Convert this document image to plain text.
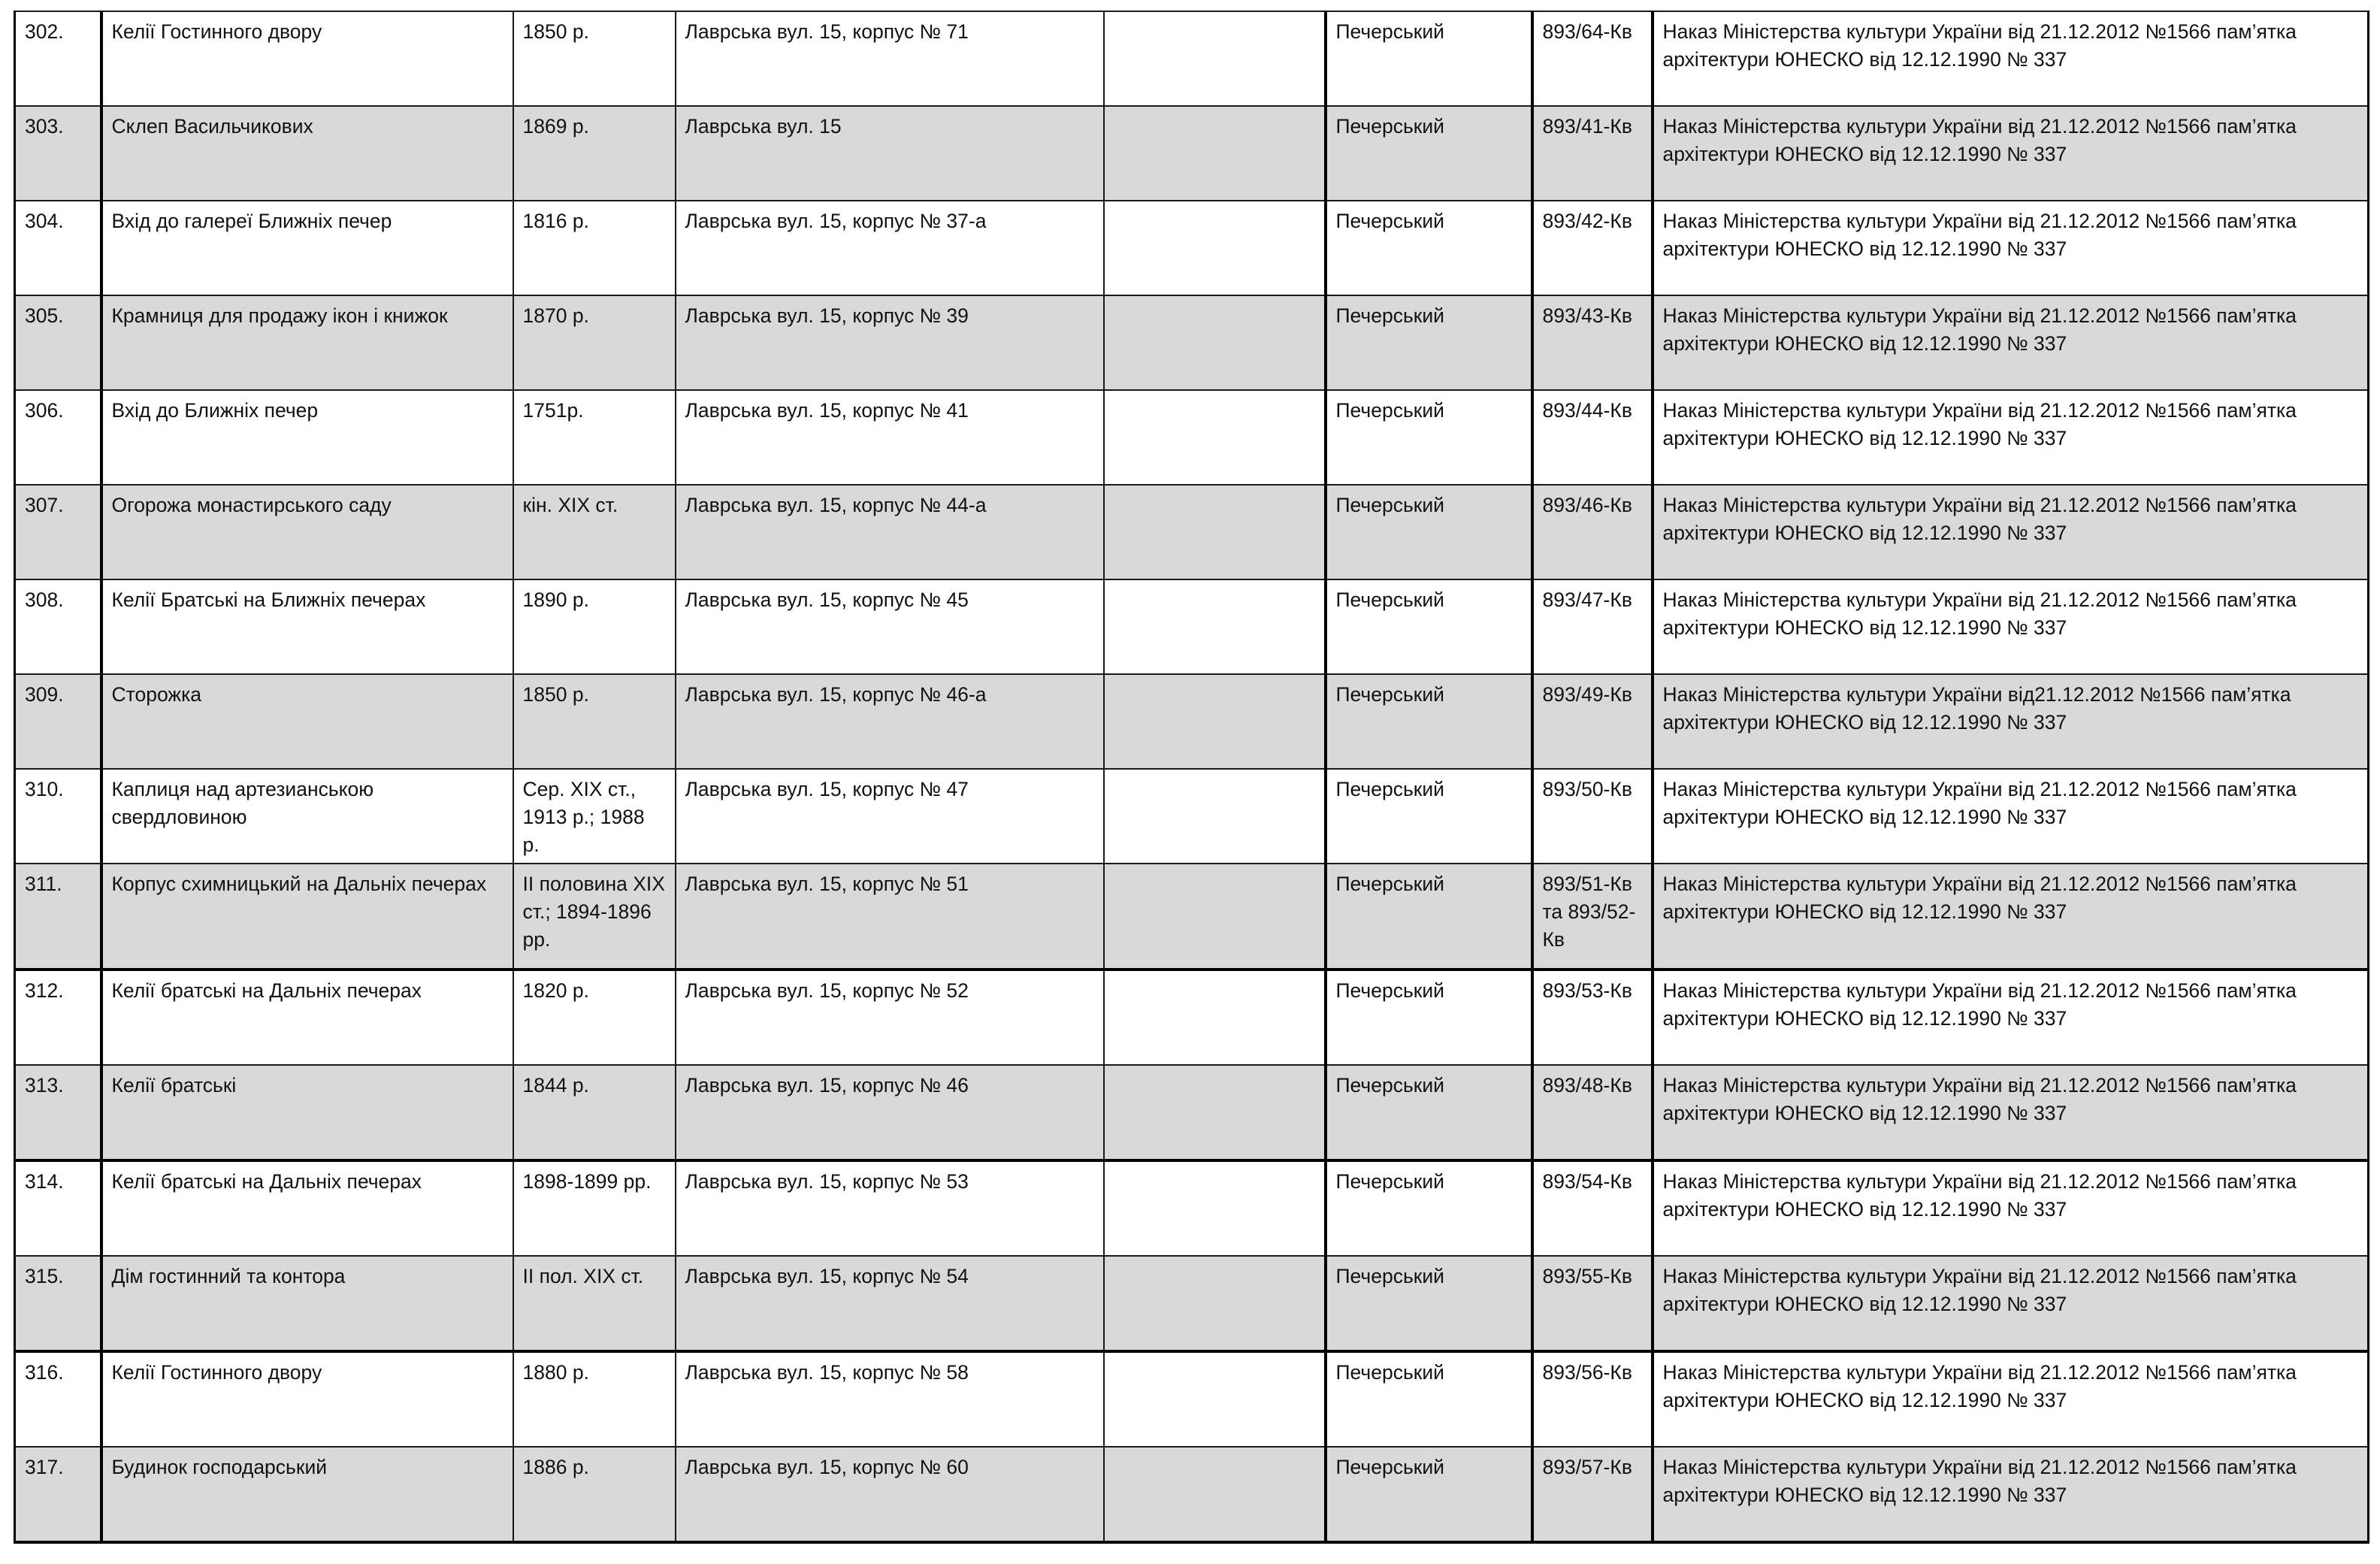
302.	Келії Гостинного двору	1850 р.	Лаврська вул. 15, корпус № 71		Печерський	893/64-Кв	Наказ Міністерства культури України від 21.12.2012 №1566 пам’ятка архітектури ЮНЕСКО від 12.12.1990 № 337
303.	Склеп Васильчикових	1869 р.	Лаврська вул. 15		Печерський	893/41-Кв	Наказ Міністерства культури України від 21.12.2012 №1566 пам’ятка архітектури ЮНЕСКО від 12.12.1990 № 337
304.	Вхід до галереї Ближніх печер	1816 р.	Лаврська вул. 15, корпус № 37-а		Печерський	893/42-Кв	Наказ Міністерства культури України від 21.12.2012 №1566 пам’ятка архітектури ЮНЕСКО від 12.12.1990 № 337
305.	Крамниця для продажу ікон і книжок	1870 р.	Лаврська вул. 15, корпус № 39		Печерський	893/43-Кв	Наказ Міністерства культури України від 21.12.2012 №1566 пам’ятка архітектури ЮНЕСКО від 12.12.1990 № 337
306.	Вхід до Ближніх печер	1751р.	Лаврська вул. 15, корпус № 41		Печерський	893/44-Кв	Наказ Міністерства культури України від 21.12.2012 №1566 пам’ятка архітектури ЮНЕСКО від 12.12.1990 № 337
307.	Огорожа монастирського саду	кін. ХІХ ст.	Лаврська вул. 15, корпус № 44-а		Печерський	893/46-Кв	Наказ Міністерства культури України від 21.12.2012 №1566 пам’ятка архітектури ЮНЕСКО від 12.12.1990 № 337
308.	Келії Братські на Ближніх печерах	1890 р.	Лаврська вул. 15, корпус № 45		Печерський	893/47-Кв	Наказ Міністерства культури України від 21.12.2012 №1566 пам’ятка архітектури ЮНЕСКО від 12.12.1990 № 337
309.	Сторожка	1850 р.	Лаврська вул. 15, корпус № 46-а		Печерський	893/49-Кв	Наказ Міністерства культури України від21.12.2012 №1566 пам’ятка архітектури ЮНЕСКО від 12.12.1990 № 337
310.	Каплиця над артезианською свердловиною	Сер. ХІХ ст., 1913 р.; 1988 р.	Лаврська вул. 15, корпус № 47		Печерський	893/50-Кв	Наказ Міністерства культури України від 21.12.2012 №1566 пам’ятка архітектури ЮНЕСКО від 12.12.1990 № 337
311.	Корпус схимницький на Дальніх печерах	ІІ половина ХІХ ст.; 1894-1896 рр.	Лаврська вул. 15, корпус № 51		Печерський	893/51-Кв та 893/52-Кв	Наказ Міністерства культури України від 21.12.2012 №1566 пам’ятка архітектури ЮНЕСКО від 12.12.1990 № 337
312.	Келії братські на Дальніх печерах	1820 р.	Лаврська вул. 15, корпус № 52		Печерський	893/53-Кв	Наказ Міністерства культури України від 21.12.2012 №1566 пам’ятка архітектури ЮНЕСКО від 12.12.1990 № 337
313.	Келії братські	1844 р.	Лаврська вул. 15, корпус № 46		Печерський	893/48-Кв	Наказ Міністерства культури України від 21.12.2012 №1566 пам’ятка архітектури ЮНЕСКО від 12.12.1990 № 337
314.	Келії братські на Дальніх печерах	1898-1899 рр.	Лаврська вул. 15, корпус № 53		Печерський	893/54-Кв	Наказ Міністерства культури України від 21.12.2012 №1566 пам’ятка архітектури ЮНЕСКО від 12.12.1990 № 337
315.	Дім гостинний та контора	ІІ пол. ХІХ ст.	Лаврська вул. 15, корпус № 54		Печерський	893/55-Кв	Наказ Міністерства культури України від 21.12.2012 №1566 пам’ятка архітектури ЮНЕСКО від 12.12.1990 № 337
316.	Келії Гостинного двору	1880 р.	Лаврська вул. 15, корпус № 58		Печерський	893/56-Кв	Наказ Міністерства культури України від 21.12.2012 №1566 пам’ятка архітектури ЮНЕСКО від 12.12.1990 № 337
317.	Будинок господарський	1886 р.	Лаврська вул. 15, корпус № 60		Печерський	893/57-Кв	Наказ Міністерства культури України від 21.12.2012 №1566 пам’ятка архітектури ЮНЕСКО від 12.12.1990 № 337
